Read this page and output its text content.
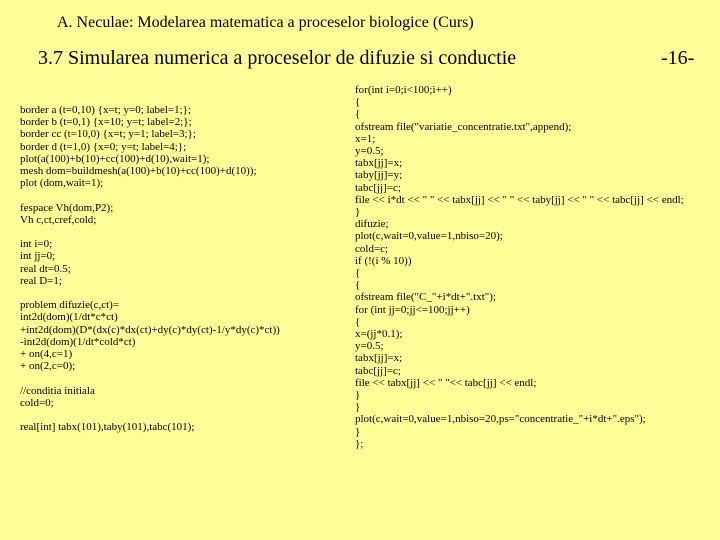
A. Neculae: Modelarea matematica a proceselor biologice (Curs)
3.7 Simularea numerica a proceselor de difuzie si conductie	-16-
border a (t=0,10) {x=t; y=0; label=1;};
border b (t=0,1) {x=10; y=t; label=2;};
border cc (t=10,0) {x=t; y=1; label=3;};
border d (t=1,0) {x=0; y=t; label=4;};
plot(a(100)+b(10)+cc(100)+d(10),wait=1);
mesh dom=buildmesh(a(100)+b(10)+cc(100)+d(10));
plot (dom,wait=1);
fespace Vh(dom,P2);
Vh c,ct,cref,cold;
int i=0;
int jj=0;
real dt=0.5;
real D=1;
problem difuzie(c,ct)=
int2d(dom)(1/dt*c*ct)
+int2d(dom)(D*(dx(c)*dx(ct)+dy(c)*dy(ct)-1/y*dy(c)*ct))
-int2d(dom)(1/dt*cold*ct)
+ on(4,c=1)
+ on(2,c=0);
//conditia initiala
cold=0;
real[int] tabx(101),taby(101),tabc(101);
for(int i=0;i<100;i++)
{
{
ofstream file("variatie_concentratie.txt",append);
x=1;
y=0.5;
tabx[jj]=x;
taby[jj]=y;
tabc[jj]=c;
file << i*dt << " " << tabx[jj] << " " << taby[jj] << " " << tabc[jj] << endl;
}
difuzie;
plot(c,wait=0,value=1,nbiso=20);
cold=c;
if (!(i % 10))
{
{
ofstream file("C_"+i*dt+".txt");
for (int jj=0;jj<=100;jj++)
{
x=(jj*0.1);
y=0.5;
tabx[jj]=x;
tabc[jj]=c;
file << tabx[jj] << " "<< tabc[jj] << endl;
}
}
plot(c,wait=0,value=1,nbiso=20,ps="concentratie_"+i*dt+".eps");
}
};
